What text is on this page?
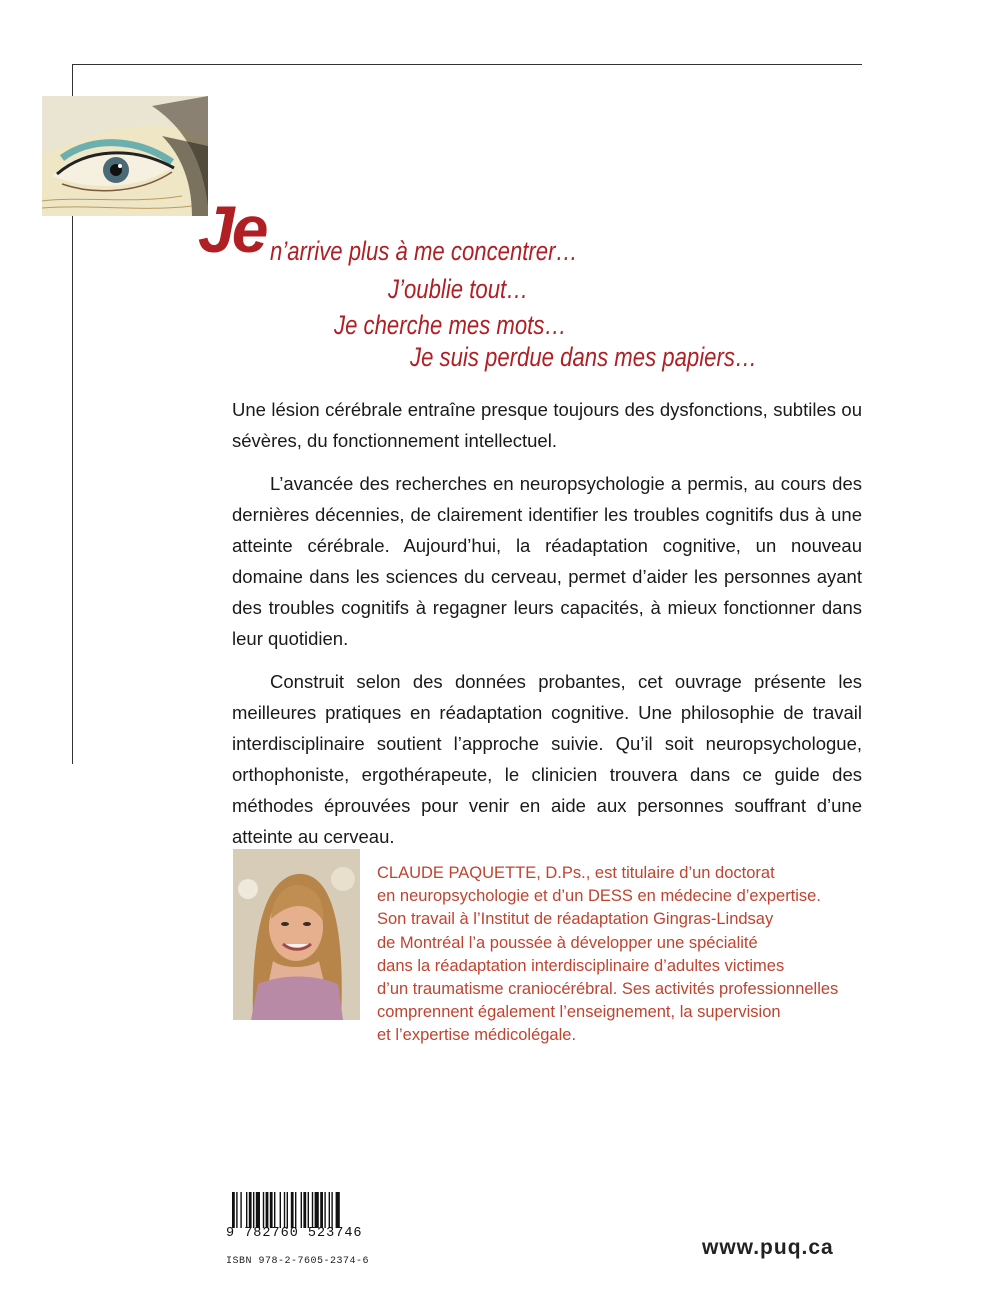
Je n’arrive plus à me concentrer…
J’oublie tout…
Je cherche mes mots…
Je suis perdue dans mes papiers…

Une lésion cérébrale entraîne presque toujours des dysfonctions, subtiles ou sévères, du fonctionnement intellectuel.

L’avancée des recherches en neuropsychologie a permis, au cours des dernières décennies, de clairement identifier les troubles cognitifs dus à une atteinte cérébrale. Aujourd’hui, la réadaptation cognitive, un nouveau domaine dans les sciences du cerveau, permet d’aider les personnes ayant des troubles cognitifs à regagner leurs capacités, à mieux fonctionner dans leur quotidien.

Construit selon des données probantes, cet ouvrage présente les meilleures pratiques en réadaptation cognitive. Une philosophie de travail interdisciplinaire soutient l’approche suivie. Qu’il soit neuropsychologue, orthophoniste, ergothérapeute, le clinicien trouvera dans ce guide des méthodes éprouvées pour venir en aide aux personnes souffrant d’une atteinte au cerveau.

CLAUDE PAQUETTE, D.Ps., est titulaire d’un doctorat
en neuropsychologie et d’un DESS en médecine d’expertise.
Son travail à l’Institut de réadaptation Gingras-Lindsay
de Montréal l’a poussée à développer une spécialité
dans la réadaptation interdisciplinaire d’adultes victimes
d’un traumatisme craniocérébral. Ses activités professionnelles
comprennent également l’enseignement, la supervision
et l’expertise médicolégale.
9 782760 523746
ISBN 978-2-7605-2374-6
www.puq.ca
